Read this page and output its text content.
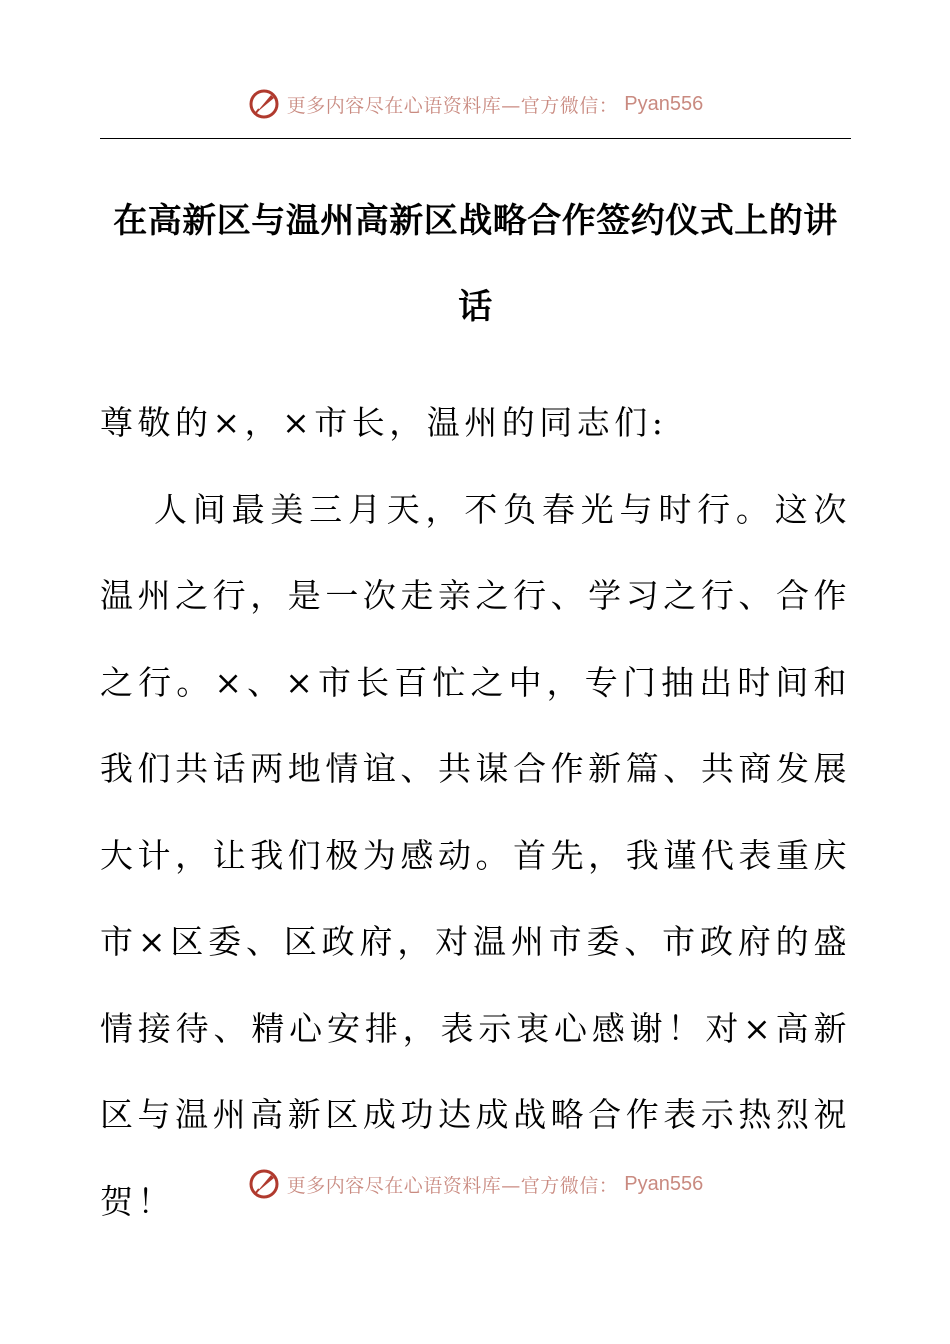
更多内容尽在心语资料库—官方微信： Pyan556
在高新区与温州高新区战略合作签约仪式上的讲
话

尊敬的×，×市长，温州的同志们:

人间最美三月天，不负春光与时行。这次温州之行，是一次走亲之行、学习之行、合作之行。×、×市长百忙之中，专门抽出时间和我们共话两地情谊、共谋合作新篇、共商发展大计，让我们极为感动。首先，我谨代表重庆市×区委、区政府，对温州市委、市政府的盛情接待、精心安排，表示衷心感谢！对×高新区与温州高新区成功达成战略合作表示热烈祝贺！	更多内容尽在心语资料库—官方微信： Pyan556
